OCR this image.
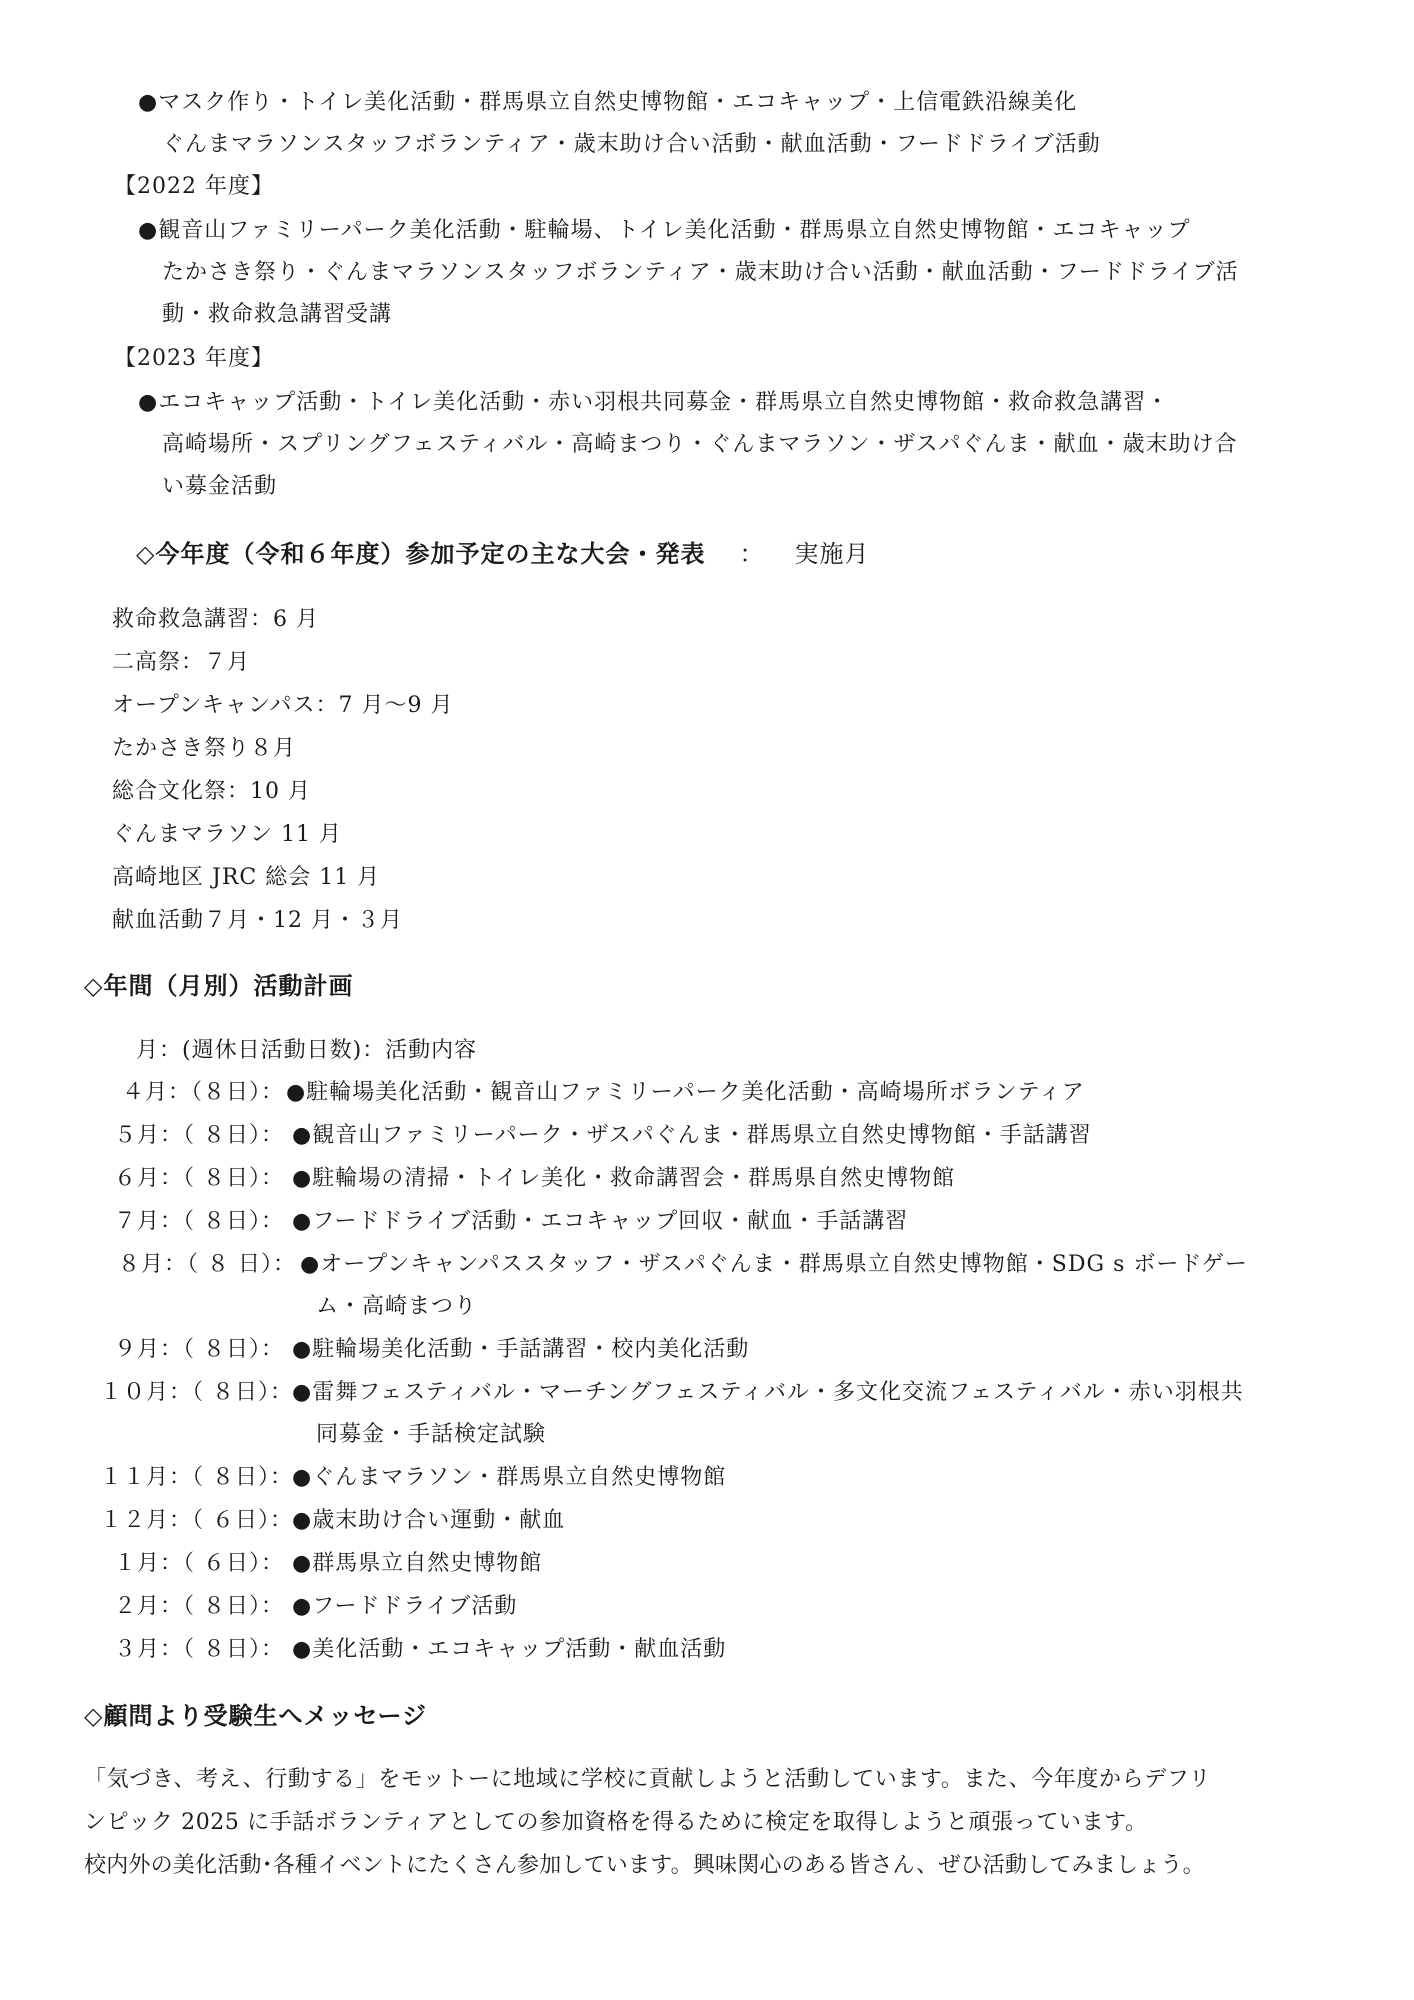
●マスク作り・トイレ美化活動・群馬県立自然史博物館・エコキャップ・上信電鉄沿線美化
ぐんまマラソンスタッフボランティア・歳末助け合い活動・献血活動・フードドライブ活動
【2022 年度】
●観音山ファミリーパーク美化活動・駐輪場、トイレ美化活動・群馬県立自然史博物館・エコキャップ
たかさき祭り・ぐんまマラソンスタッフボランティア・歳末助け合い活動・献血活動・フードドライブ活
動・救命救急講習受講
【2023 年度】
●エコキャップ活動・トイレ美化活動・赤い羽根共同募金・群馬県立自然史博物館・救命救急講習・
高崎場所・スプリングフェスティバル・高崎まつり・ぐんまマラソン・ザスパぐんま・献血・歳末助け合
い募金活動
◇今年度（令和６年度）参加予定の主な大会・発表 ： 実施月
救命救急講習：6 月
二高祭：７月
オープンキャンパス：7 月〜9 月
たかさき祭り８月
総合文化祭：10 月
ぐんまマラソン 11 月
高崎地区 JRC 総会 11 月
献血活動７月・12 月・３月
◇年間（月別）活動計画
月：(週休日活動日数)：活動内容
４月：（８日）： ●駐輪場美化活動・観音山ファミリーパーク美化活動・高崎場所ボランティア
５月：（ ８日）： ●観音山ファミリーパーク・ザスパぐんま・群馬県立自然史博物館・手話講習
６月：（ ８日）： ●駐輪場の清掃・トイレ美化・救命講習会・群馬県自然史博物館
７月：（ ８日）： ●フードドライブ活動・エコキャップ回収・献血・手話講習
８月：（ ８ 日）： ●オープンキャンパススタッフ・ザスパぐんま・群馬県立自然史博物館・SDG s ボードゲー
ム・高崎まつり
９月：（ ８日）： ●駐輪場美化活動・手話講習・校内美化活動
１０月：（ ８日）： ●雷舞フェスティバル・マーチングフェスティバル・多文化交流フェスティバル・赤い羽根共
同募金・手話検定試験
１１月：（ ８日）： ●ぐんまマラソン・群馬県立自然史博物館
１２月：（ ６日）： ●歳末助け合い運動・献血
１月：（ ６日）： ●群馬県立自然史博物館
２月：（ ８日）： ●フードドライブ活動
３月：（ ８日）： ●美化活動・エコキャップ活動・献血活動
◇顧問より受験生へメッセージ
「気づき、考え、行動する」をモットーに地域に学校に貢献しようと活動しています。また、今年度からデフリ
ンピック 2025 に手話ボランティアとしての参加資格を得るために検定を取得しようと頑張っています。
校内外の美化活動･各種イベントにたくさん参加しています。興味関心のある皆さん、ぜひ活動してみましょう。
